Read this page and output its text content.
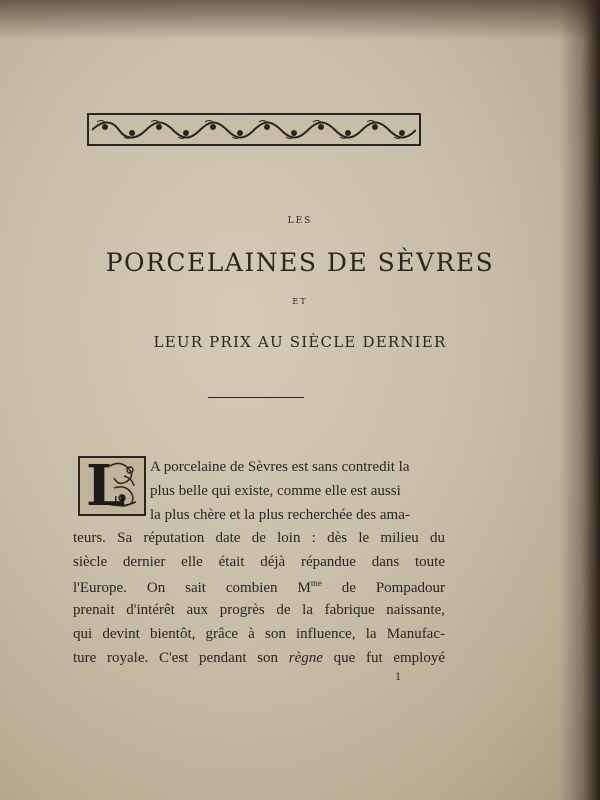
LES
PORCELAINES DE SÈVRES
ET
LEUR PRIX AU SIÈCLE DERNIER
L A porcelaine de Sèvres est sans contredit la
plus belle qui existe, comme elle est aussi
la plus chère et la plus recherchée des ama-
teurs. Sa réputation date de loin : dès le milieu du
siècle dernier elle était déjà répandue dans toute
l'Europe. On sait combien $M^{me}$ de Pompadour
prenait d'intérêt aux progrès de la fabrique naissante,
qui devint bientôt, grâce à son influence, la Manufac-
ture royale. C'est pendant son règne que fut employé
1
